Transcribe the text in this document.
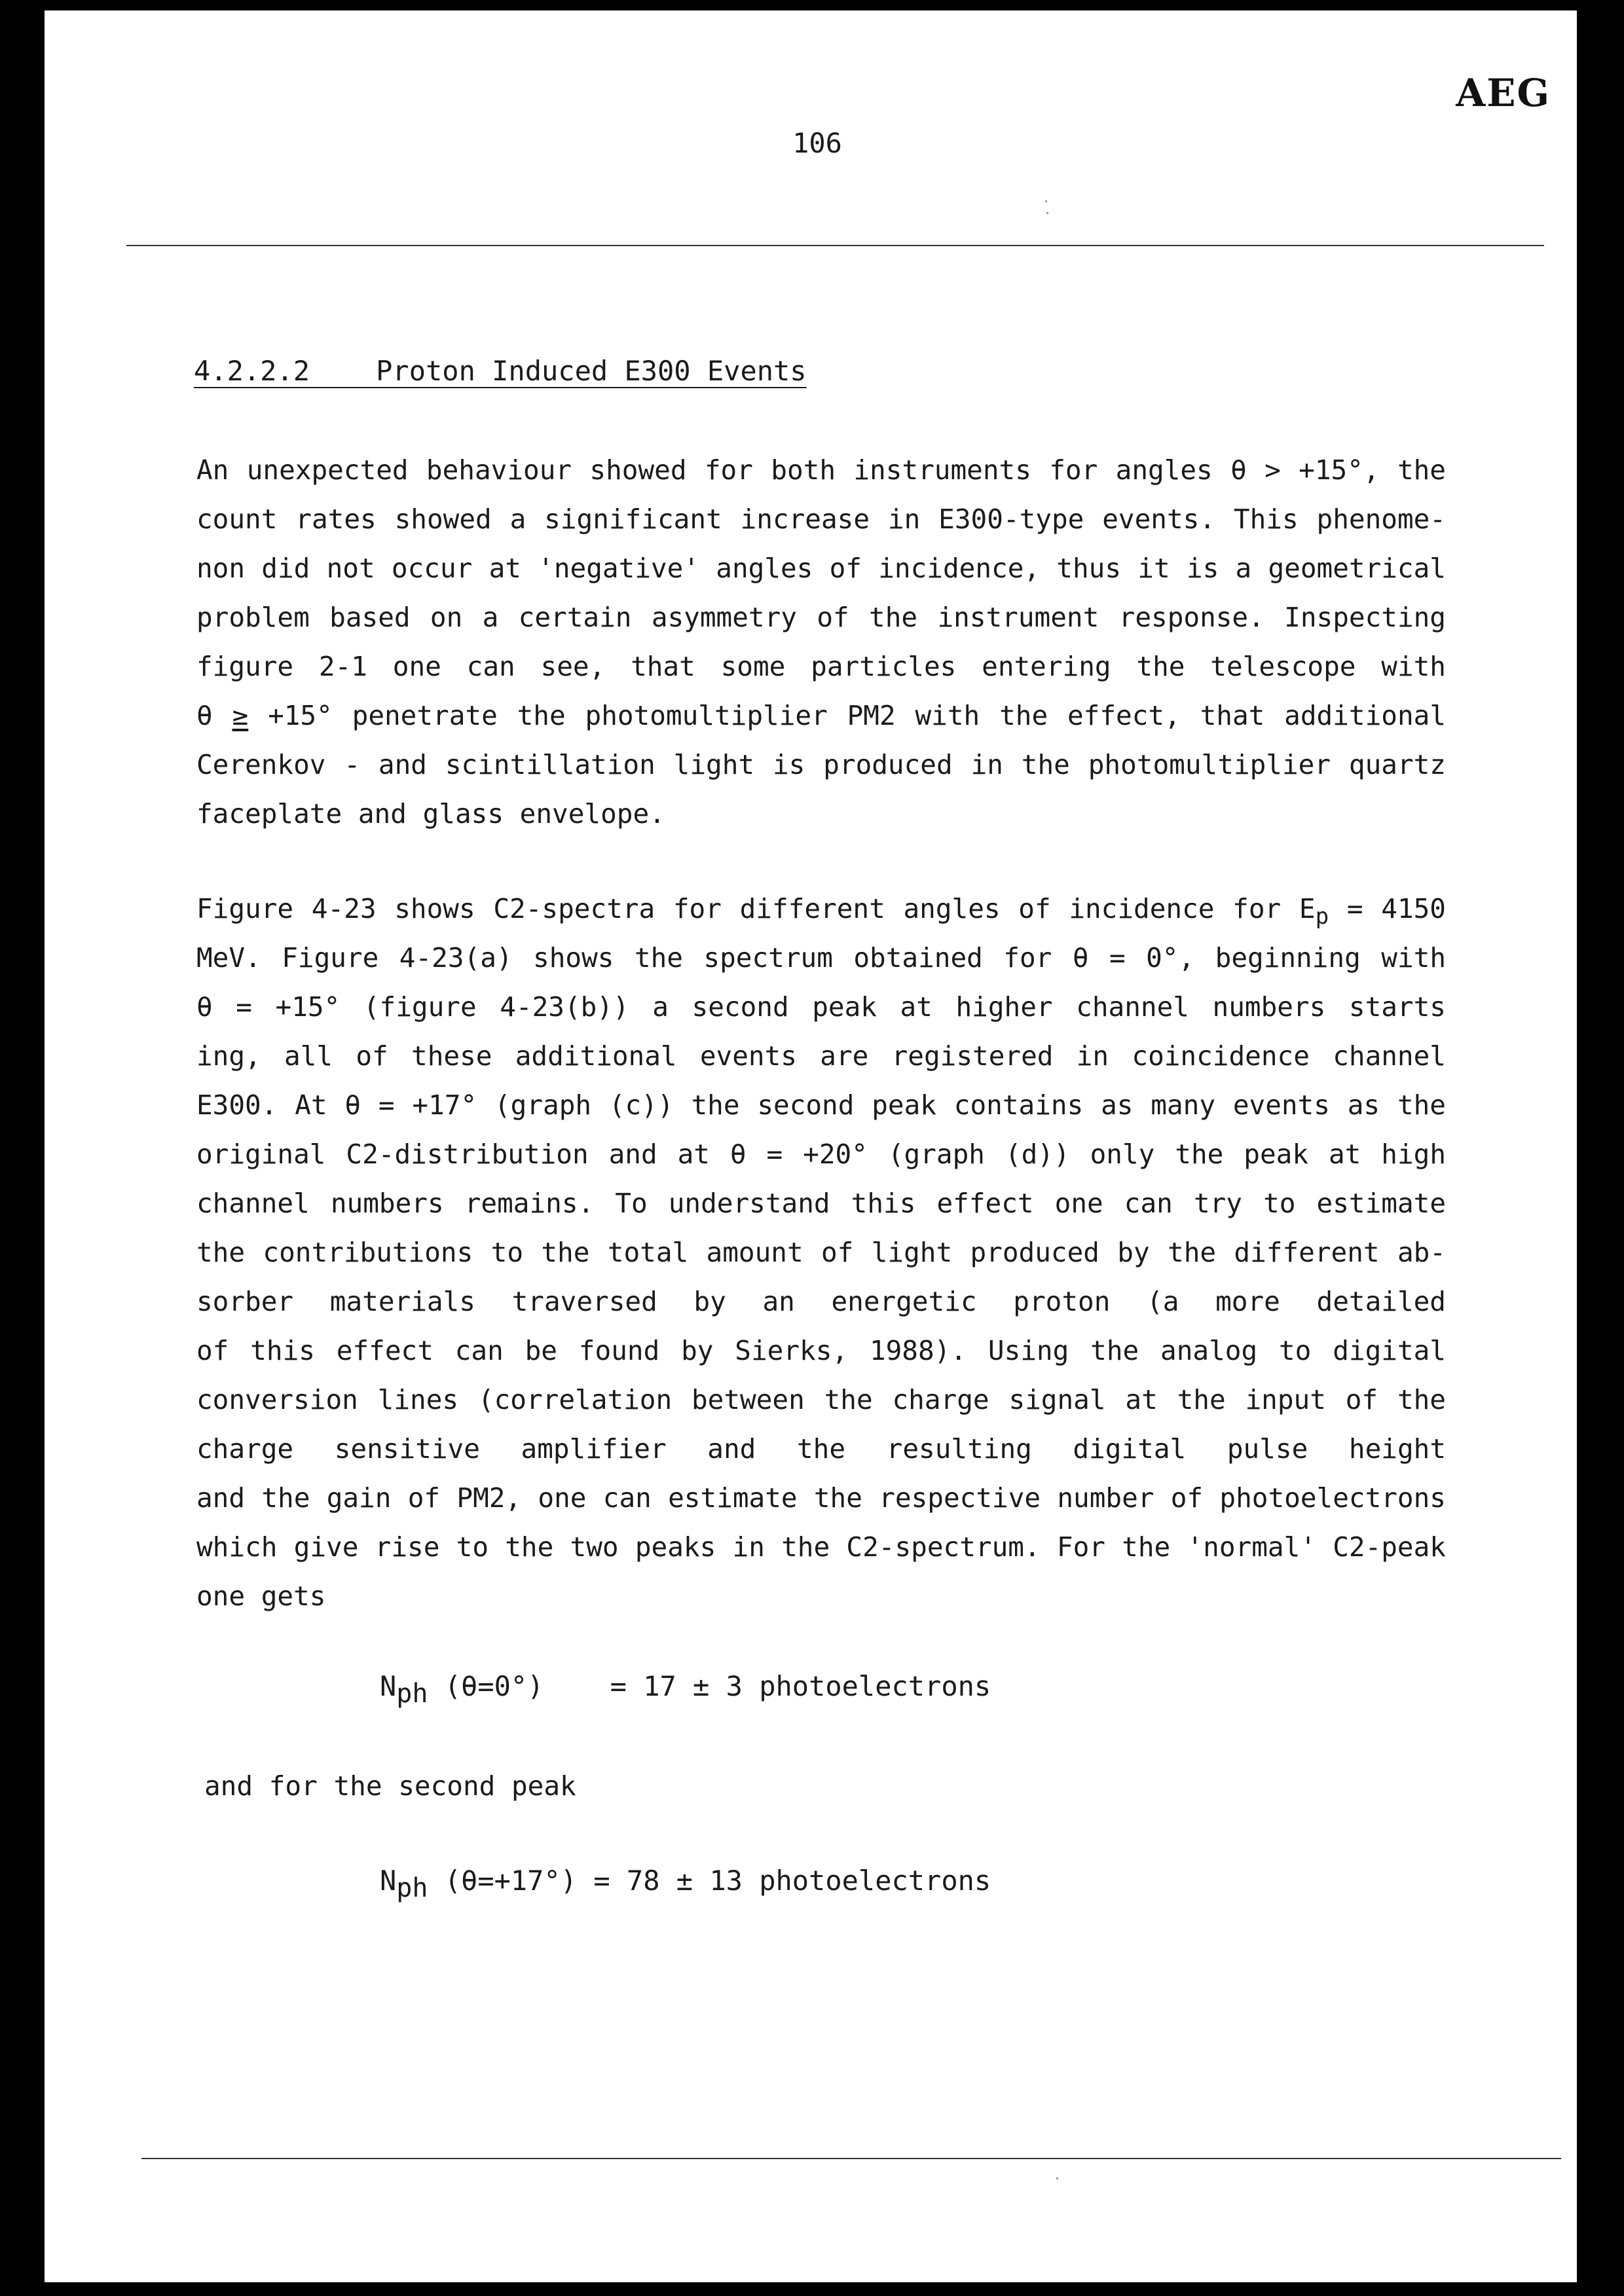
AEG
106
4.2.2.2    Proton Induced E300 Events
An unexpected behaviour showed for both instruments for angles θ > +15°, the
count rates showed a significant increase in E300-type events. This phenome-
non did not occur at 'negative' angles of incidence, thus it is a geometrical
problem based on a certain asymmetry of the instrument response. Inspecting
figure 2-1 one can see, that some particles entering the telescope with
θ ≥ +15° penetrate the photomultiplier PM2 with the effect, that additional
Cerenkov - and scintillation light is produced in the photomultiplier quartz
faceplate and glass envelope.
Figure 4-23 shows C2-spectra for different angles of incidence for $E_p = 4150$
MeV. Figure 4-23(a) shows the spectrum obtained for θ = 0°, beginning with
θ = +15° (figure 4-23(b)) a second peak at higher channel numbers starts
ing, all of these additional events are registered in coincidence channel
E300. At θ = +17° (graph (c)) the second peak contains as many events as the
original C2-distribution and at θ = +20° (graph (d)) only the peak at high
channel numbers remains. To understand this effect one can try to estimate
the contributions to the total amount of light produced by the different ab-
sorber materials traversed by an energetic proton (a more detailed
of this effect can be found by Sierks, 1988). Using the analog to digital
conversion lines (correlation between the charge signal at the input of the
charge sensitive amplifier and the resulting digital pulse height
and the gain of PM2, one can estimate the respective number of photoelectrons
which give rise to the two peaks in the C2-spectrum. For the 'normal' C2-peak
one gets
$N_{ph}$ (θ=0°)    = 17 ± 3 photoelectrons
and for the second peak
$N_{ph}$ (θ=+17°) = 78 ± 13 photoelectrons
